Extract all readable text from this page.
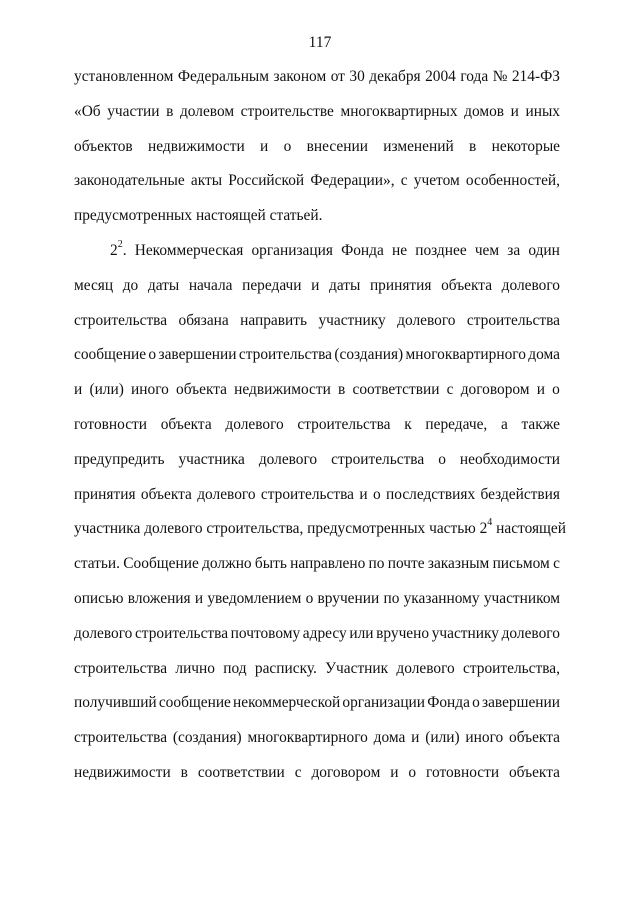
117
установленном Федеральным законом от 30 декабря 2004 года № 214-ФЗ
«Об участии в долевом строительстве многоквартирных домов и иных
объектов недвижимости и о внесении изменений в некоторые
законодательные акты Российской Федерации», с учетом особенностей,
предусмотренных настоящей статьей.
$2^2$. Некоммерческая организация Фонда не позднее чем за один
месяц до даты начала передачи и даты принятия объекта долевого
строительства обязана направить участнику долевого строительства
сообщение о завершении строительства (создания) многоквартирного дома
и (или) иного объекта недвижимости в соответствии с договором и о
готовности объекта долевого строительства к передаче, а также
предупредить участника долевого строительства о необходимости
принятия объекта долевого строительства и о последствиях бездействия
участника долевого строительства, предусмотренных частью $2^4$ настоящей
статьи. Сообщение должно быть направлено по почте заказным письмом с
описью вложения и уведомлением о вручении по указанному участником
долевого строительства почтовому адресу или вручено участнику долевого
строительства лично под расписку. Участник долевого строительства,
получивший сообщение некоммерческой организации Фонда о завершении
строительства (создания) многоквартирного дома и (или) иного объекта
недвижимости в соответствии с договором и о готовности объекта
